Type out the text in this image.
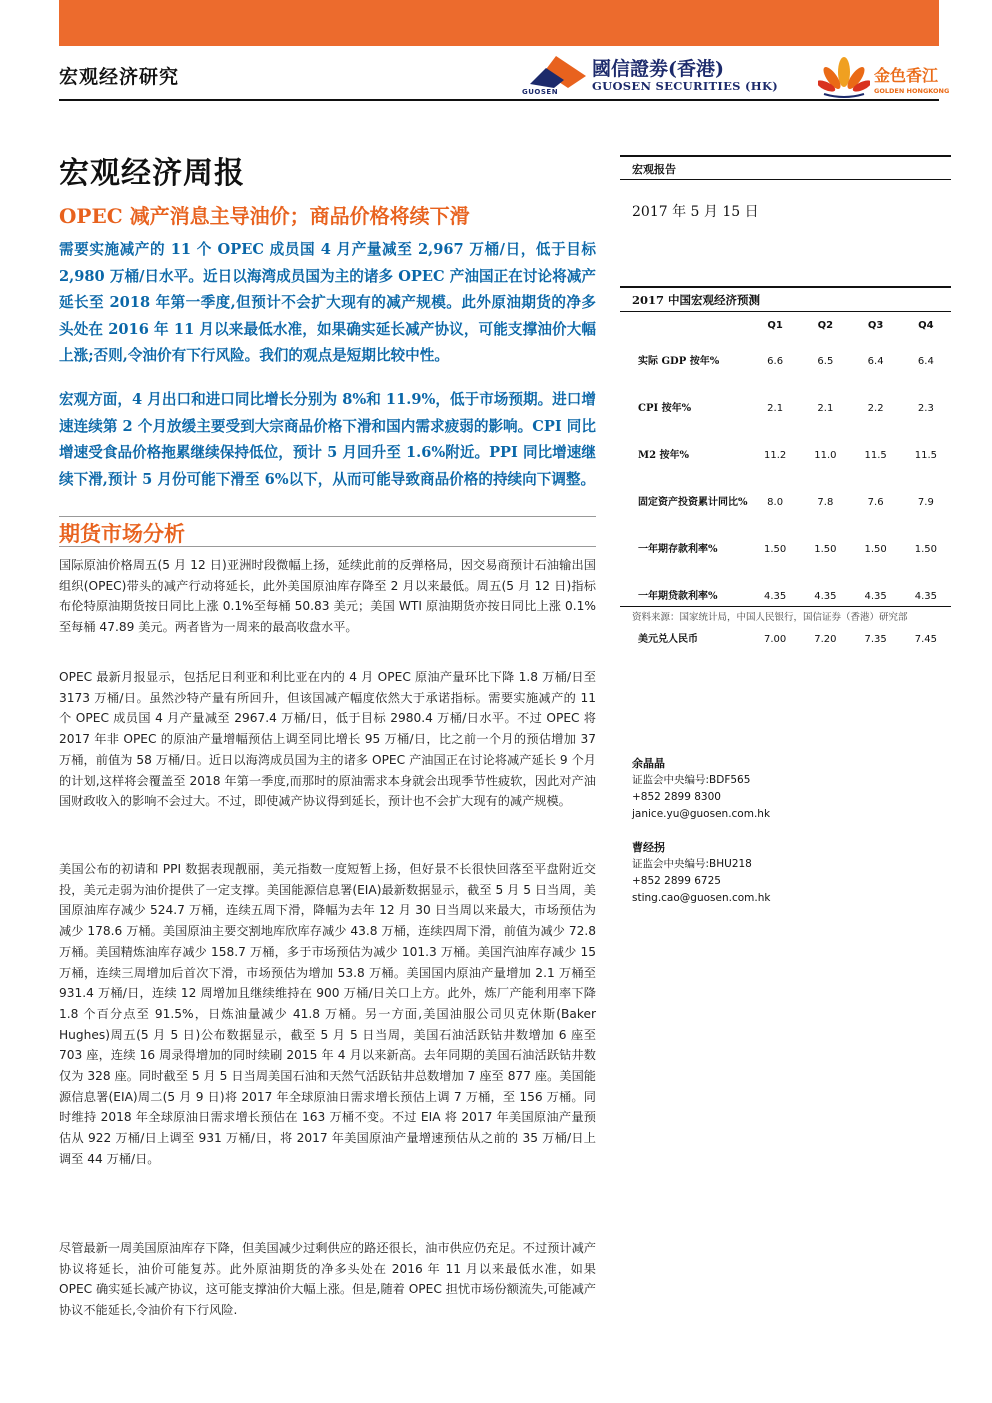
宏观经济研究
GUOSEN
國信證劵(香港)
GUOSEN SECURITIES (HK)
金色香江
GOLDEN HONGKONG
宏观经济周报
OPEC 减产消息主导油价；商品价格将续下滑

需要实施减产的 11 个 OPEC 成员国 4 月产量减至 2,967 万桶/日，低于目标 2,980 万桶/日水平。近日以海湾成员国为主的诸多 OPEC 产油国正在讨论将减产延长至 2018 年第一季度,但预计不会扩大现有的减产规模。此外原油期货的净多头处在 2016 年 11 月以来最低水准，如果确实延长减产协议，可能支撑油价大幅上涨;否则,令油价有下行风险。我们的观点是短期比较中性。

宏观方面，4 月出口和进口同比增长分别为 8%和 11.9%，低于市场预期。进口增速连续第 2 个月放缓主要受到大宗商品价格下滑和国内需求疲弱的影响。CPI 同比增速受食品价格拖累继续保持低位，预计 5 月回升至 1.6%附近。PPI 同比增速继续下滑,预计 5 月份可能下滑至 6%以下，从而可能导致商品价格的持续向下调整。

期货市场分析

国际原油价格周五(5 月 12 日)亚洲时段微幅上扬，延续此前的反弹格局，因交易商预计石油输出国组织(OPEC)带头的减产行动将延长，此外美国原油库存降至 2 月以来最低。周五(5 月 12 日)指标布伦特原油期货按日同比上涨 0.1%至每桶 50.83 美元；美国 WTI 原油期货亦按日同比上涨 0.1%至每桶 47.89 美元。两者皆为一周来的最高收盘水平。

OPEC 最新月报显示，包括尼日利亚和利比亚在内的 4 月 OPEC 原油产量环比下降 1.8 万桶/日至 3173 万桶/日。虽然沙特产量有所回升，但该国减产幅度依然大于承诺指标。需要实施减产的 11 个 OPEC 成员国 4 月产量减至 2967.4 万桶/日，低于目标 2980.4 万桶/日水平。不过 OPEC 将 2017 年非 OPEC 的原油产量增幅预估上调至同比增长 95 万桶/日，比之前一个月的预估增加 37 万桶，前值为 58 万桶/日。近日以海湾成员国为主的诸多 OPEC 产油国正在讨论将减产延长 9 个月的计划,这样将会覆盖至 2018 年第一季度,而那时的原油需求本身就会出现季节性疲软，因此对产油国财政收入的影响不会过大。不过，即使减产协议得到延长，预计也不会扩大现有的减产规模。

美国公布的初请和 PPI 数据表现靓丽，美元指数一度短暂上扬，但好景不长很快回落至平盘附近交投，美元走弱为油价提供了一定支撑。美国能源信息署(EIA)最新数据显示，截至 5 月 5 日当周，美国原油库存减少 524.7 万桶，连续五周下滑，降幅为去年 12 月 30 日当周以来最大，市场预估为减少 178.6 万桶。美国原油主要交割地库欣库存减少 43.8 万桶，连续四周下滑，前值为减少 72.8 万桶。美国精炼油库存减少 158.7 万桶，多于市场预估为减少 101.3 万桶。美国汽油库存减少 15 万桶，连续三周增加后首次下滑，市场预估为增加 53.8 万桶。美国国内原油产量增加 2.1 万桶至 931.4 万桶/日，连续 12 周增加且继续维持在 900 万桶/日关口上方。此外，炼厂产能利用率下降 1.8 个百分点至 91.5%，日炼油量减少 41.8 万桶。另一方面,美国油服公司贝克休斯(Baker Hughes)周五(5 月 5 日)公布数据显示，截至 5 月 5 日当周，美国石油活跃钻井数增加 6 座至 703 座，连续 16 周录得增加的同时续刷 2015 年 4 月以来新高。去年同期的美国石油活跃钻井数仅为 328 座。同时截至 5 月 5 日当周美国石油和天然气活跃钻井总数增加 7 座至 877 座。美国能源信息署(EIA)周二(5 月 9 日)将 2017 年全球原油日需求增长预估上调 7 万桶，至 156 万桶。同时维持 2018 年全球原油日需求增长预估在 163 万桶不变。不过 EIA 将 2017 年美国原油产量预估从 922 万桶/日上调至 931 万桶/日，将 2017 年美国原油产量增速预估从之前的 35 万桶/日上调至 44 万桶/日。

尽管最新一周美国原油库存下降，但美国减少过剩供应的路还很长，油市供应仍充足。不过预计减产协议将延长，油价可能复苏。此外原油期货的净多头处在 2016 年 11 月以来最低水准，如果 OPEC 确实延长减产协议，这可能支撑油价大幅上涨。但是,随着 OPEC 担忧市场份额流失,可能减产协议不能延长,令油价有下行风险.

宏观报告
2017 年 5 月 15 日
2017 中国宏观经济预测
	Q1	Q2	Q3	Q4
实际 GDP 按年%	6.6	6.5	6.4	6.4
CPI 按年%	2.1	2.1	2.2	2.3
M2 按年%	11.2	11.0	11.5	11.5
固定资产投资累计同比%	8.0	7.8	7.6	7.9
一年期存款利率%	1.50	1.50	1.50	1.50
一年期贷款利率%	4.35	4.35	4.35	4.35
美元兑人民币	7.00	7.20	7.35	7.45
资料来源：国家统计局，中国人民银行，国信证券（香港）研究部
余晶晶
证监会中央编号:BDF565
+852 2899 8300
janice.yu@guosen.com.hk
曹经拐
证监会中央编号:BHU218
+852 2899 6725
sting.cao@guosen.com.hk
